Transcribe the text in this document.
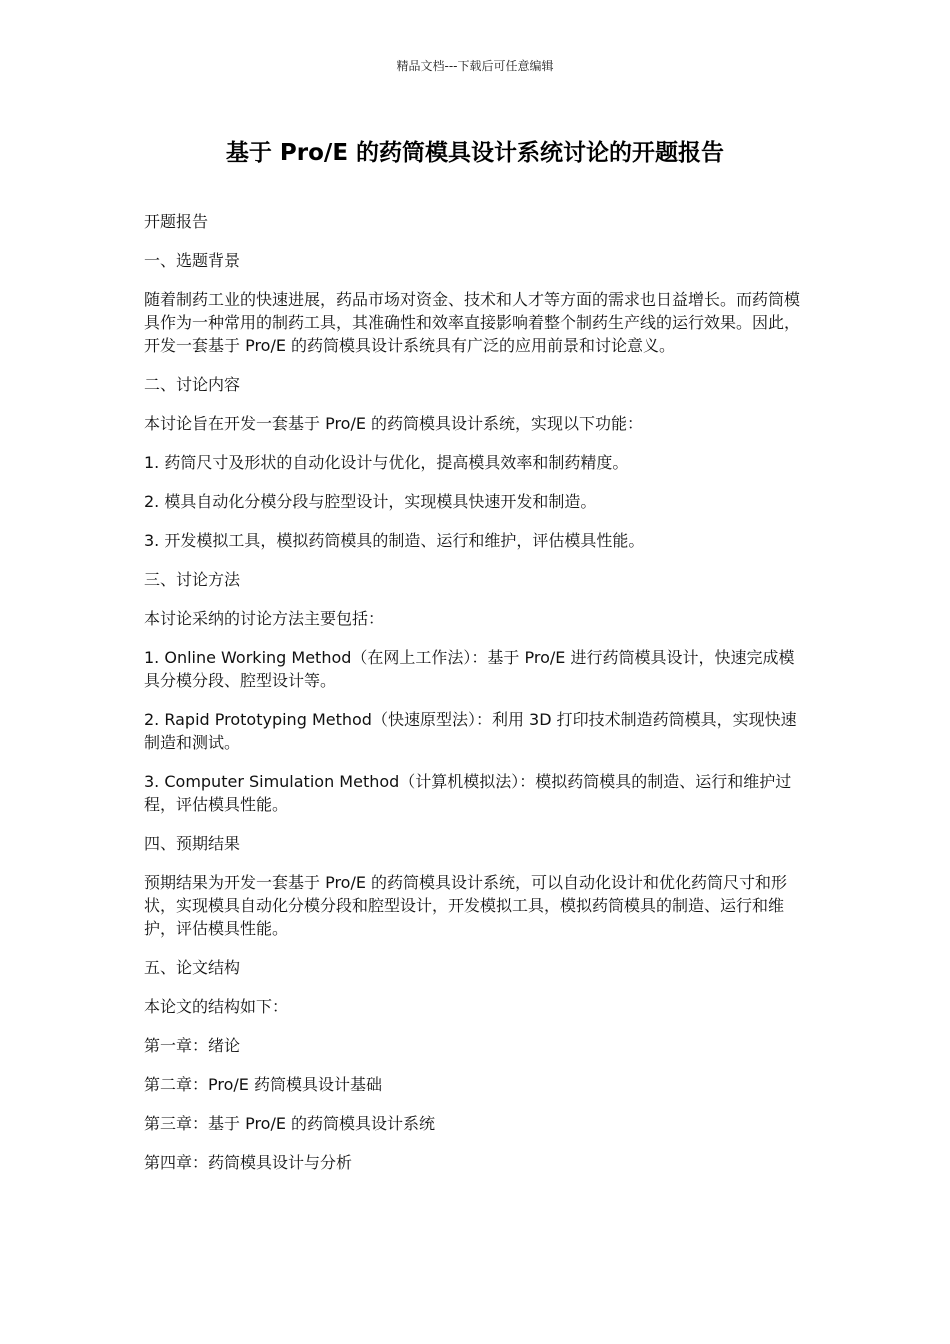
精品文档---下载后可任意编辑
基于 Pro/E 的药筒模具设计系统讨论的开题报告

开题报告

一、选题背景

随着制药工业的快速进展，药品市场对资金、技术和人才等方面的需求也日益增长。而药筒模具作为一种常用的制药工具，其准确性和效率直接影响着整个制药生产线的运行效果。因此，开发一套基于 Pro/E 的药筒模具设计系统具有广泛的应用前景和讨论意义。

二、讨论内容

本讨论旨在开发一套基于 Pro/E 的药筒模具设计系统，实现以下功能：

1. 药筒尺寸及形状的自动化设计与优化，提高模具效率和制药精度。

2. 模具自动化分模分段与腔型设计，实现模具快速开发和制造。

3. 开发模拟工具，模拟药筒模具的制造、运行和维护，评估模具性能。

三、讨论方法

本讨论采纳的讨论方法主要包括：

1. Online Working Method（在网上工作法）：基于 Pro/E 进行药筒模具设计，快速完成模具分模分段、腔型设计等。

2. Rapid Prototyping Method（快速原型法）：利用 3D 打印技术制造药筒模具，实现快速制造和测试。

3. Computer Simulation Method（计算机模拟法）：模拟药筒模具的制造、运行和维护过程，评估模具性能。

四、预期结果

预期结果为开发一套基于 Pro/E 的药筒模具设计系统，可以自动化设计和优化药筒尺寸和形状，实现模具自动化分模分段和腔型设计，开发模拟工具，模拟药筒模具的制造、运行和维护，评估模具性能。

五、论文结构

本论文的结构如下：

第一章：绪论

第二章：Pro/E 药筒模具设计基础

第三章：基于 Pro/E 的药筒模具设计系统

第四章：药筒模具设计与分析
